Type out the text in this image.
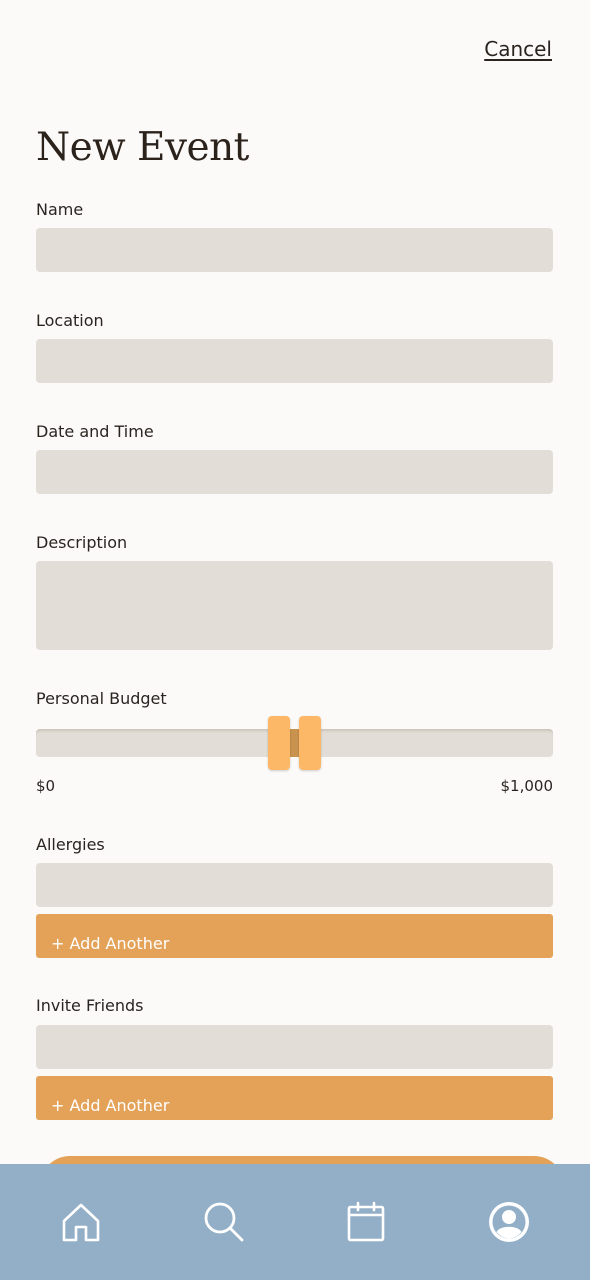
Cancel
New Event
Name
Location
Date and Time
Description
Personal Budget
$0	$1,000
Allergies
+ Add Another
Invite Friends
+ Add Another
